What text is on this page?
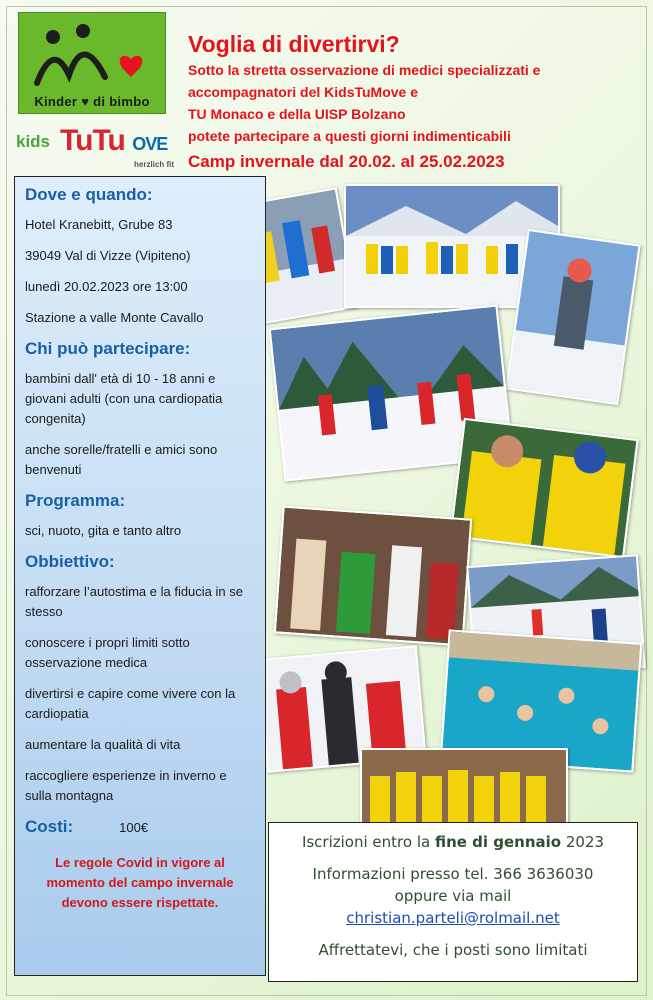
Kinder ♥ di bimbo
kids TuTu OVE
herzlich fit
Voglia di divertirvi?
Sotto la stretta osservazione di medici specializzati e
accompagnatori del KidsTuMove e
TU Monaco e della UISP Bolzano
potete partecipare a questi giorni indimenticabili
Camp invernale dal 20.02. al 25.02.2023
Dove e quando:
Hotel Kranebitt, Grube 83
39049 Val di Vizze (Vipiteno)
lunedì 20.02.2023 ore 13:00
Stazione a valle Monte Cavallo
Chi può partecipare:
bambini dall' età di 10 - 18 anni e giovani adulti (con una cardiopatia congenita)
anche sorelle/fratelli e amici sono benvenuti
Programma:
sci, nuoto, gita e tanto altro
Obbiettivo:
rafforzare l’autostima e la fiducia in se stesso
conoscere i propri limiti sotto osservazione medica
divertirsi e capire come vivere con la cardiopatia
aumentare la qualità di vita
raccogliere esperienze in inverno e sulla montagna
Costi:	100€
Le regole Covid in vigore al momento del campo invernale devono essere rispettate.
Iscrizioni entro la fine di gennaio 2023
Informazioni presso tel. 366 3636030
oppure via mail
christian.parteli@rolmail.net
Affrettatevi, che i posti sono limitati
